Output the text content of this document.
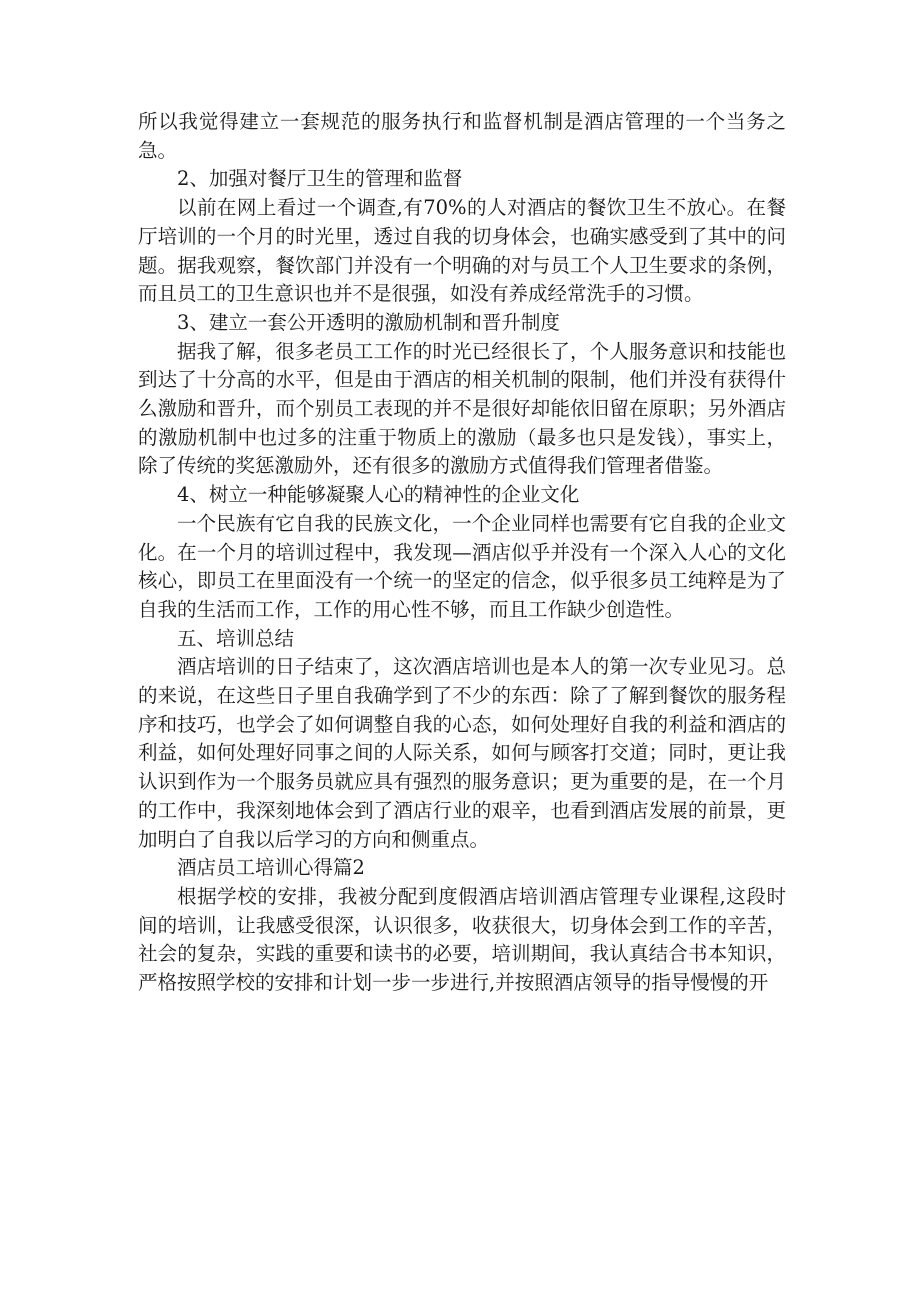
所以我觉得建立一套规范的服务执行和监督机制是酒店管理的一个当务之急。

2、加强对餐厅卫生的管理和监督

以前在网上看过一个调查,有70%的人对酒店的餐饮卫生不放心。在餐厅培训的一个月的时光里，透过自我的切身体会，也确实感受到了其中的问题。据我观察，餐饮部门并没有一个明确的对与员工个人卫生要求的条例，而且员工的卫生意识也并不是很强，如没有养成经常洗手的习惯。

3、建立一套公开透明的激励机制和晋升制度

据我了解，很多老员工工作的时光已经很长了，个人服务意识和技能也到达了十分高的水平，但是由于酒店的相关机制的限制，他们并没有获得什么激励和晋升，而个别员工表现的并不是很好却能依旧留在原职；另外酒店的激励机制中也过多的注重于物质上的激励（最多也只是发钱），事实上，除了传统的奖惩激励外，还有很多的激励方式值得我们管理者借鉴。

4、树立一种能够凝聚人心的精神性的企业文化

一个民族有它自我的民族文化，一个企业同样也需要有它自我的企业文化。在一个月的培训过程中，我发现—酒店似乎并没有一个深入人心的文化核心，即员工在里面没有一个统一的坚定的信念，似乎很多员工纯粹是为了自我的生活而工作，工作的用心性不够，而且工作缺少创造性。

五、培训总结

酒店培训的日子结束了，这次酒店培训也是本人的第一次专业见习。总的来说，在这些日子里自我确学到了不少的东西：除了了解到餐饮的服务程序和技巧，也学会了如何调整自我的心态，如何处理好自我的利益和酒店的利益，如何处理好同事之间的人际关系，如何与顾客打交道；同时，更让我认识到作为一个服务员就应具有强烈的服务意识；更为重要的是，在一个月的工作中，我深刻地体会到了酒店行业的艰辛，也看到酒店发展的前景，更加明白了自我以后学习的方向和侧重点。

酒店员工培训心得篇2

根据学校的安排，我被分配到度假酒店培训酒店管理专业课程,这段时间的培训，让我感受很深，认识很多，收获很大，切身体会到工作的辛苦，社会的复杂，实践的重要和读书的必要，培训期间，我认真结合书本知识，严格按照学校的安排和计划一步一步进行,并按照酒店领导的指导慢慢的开
